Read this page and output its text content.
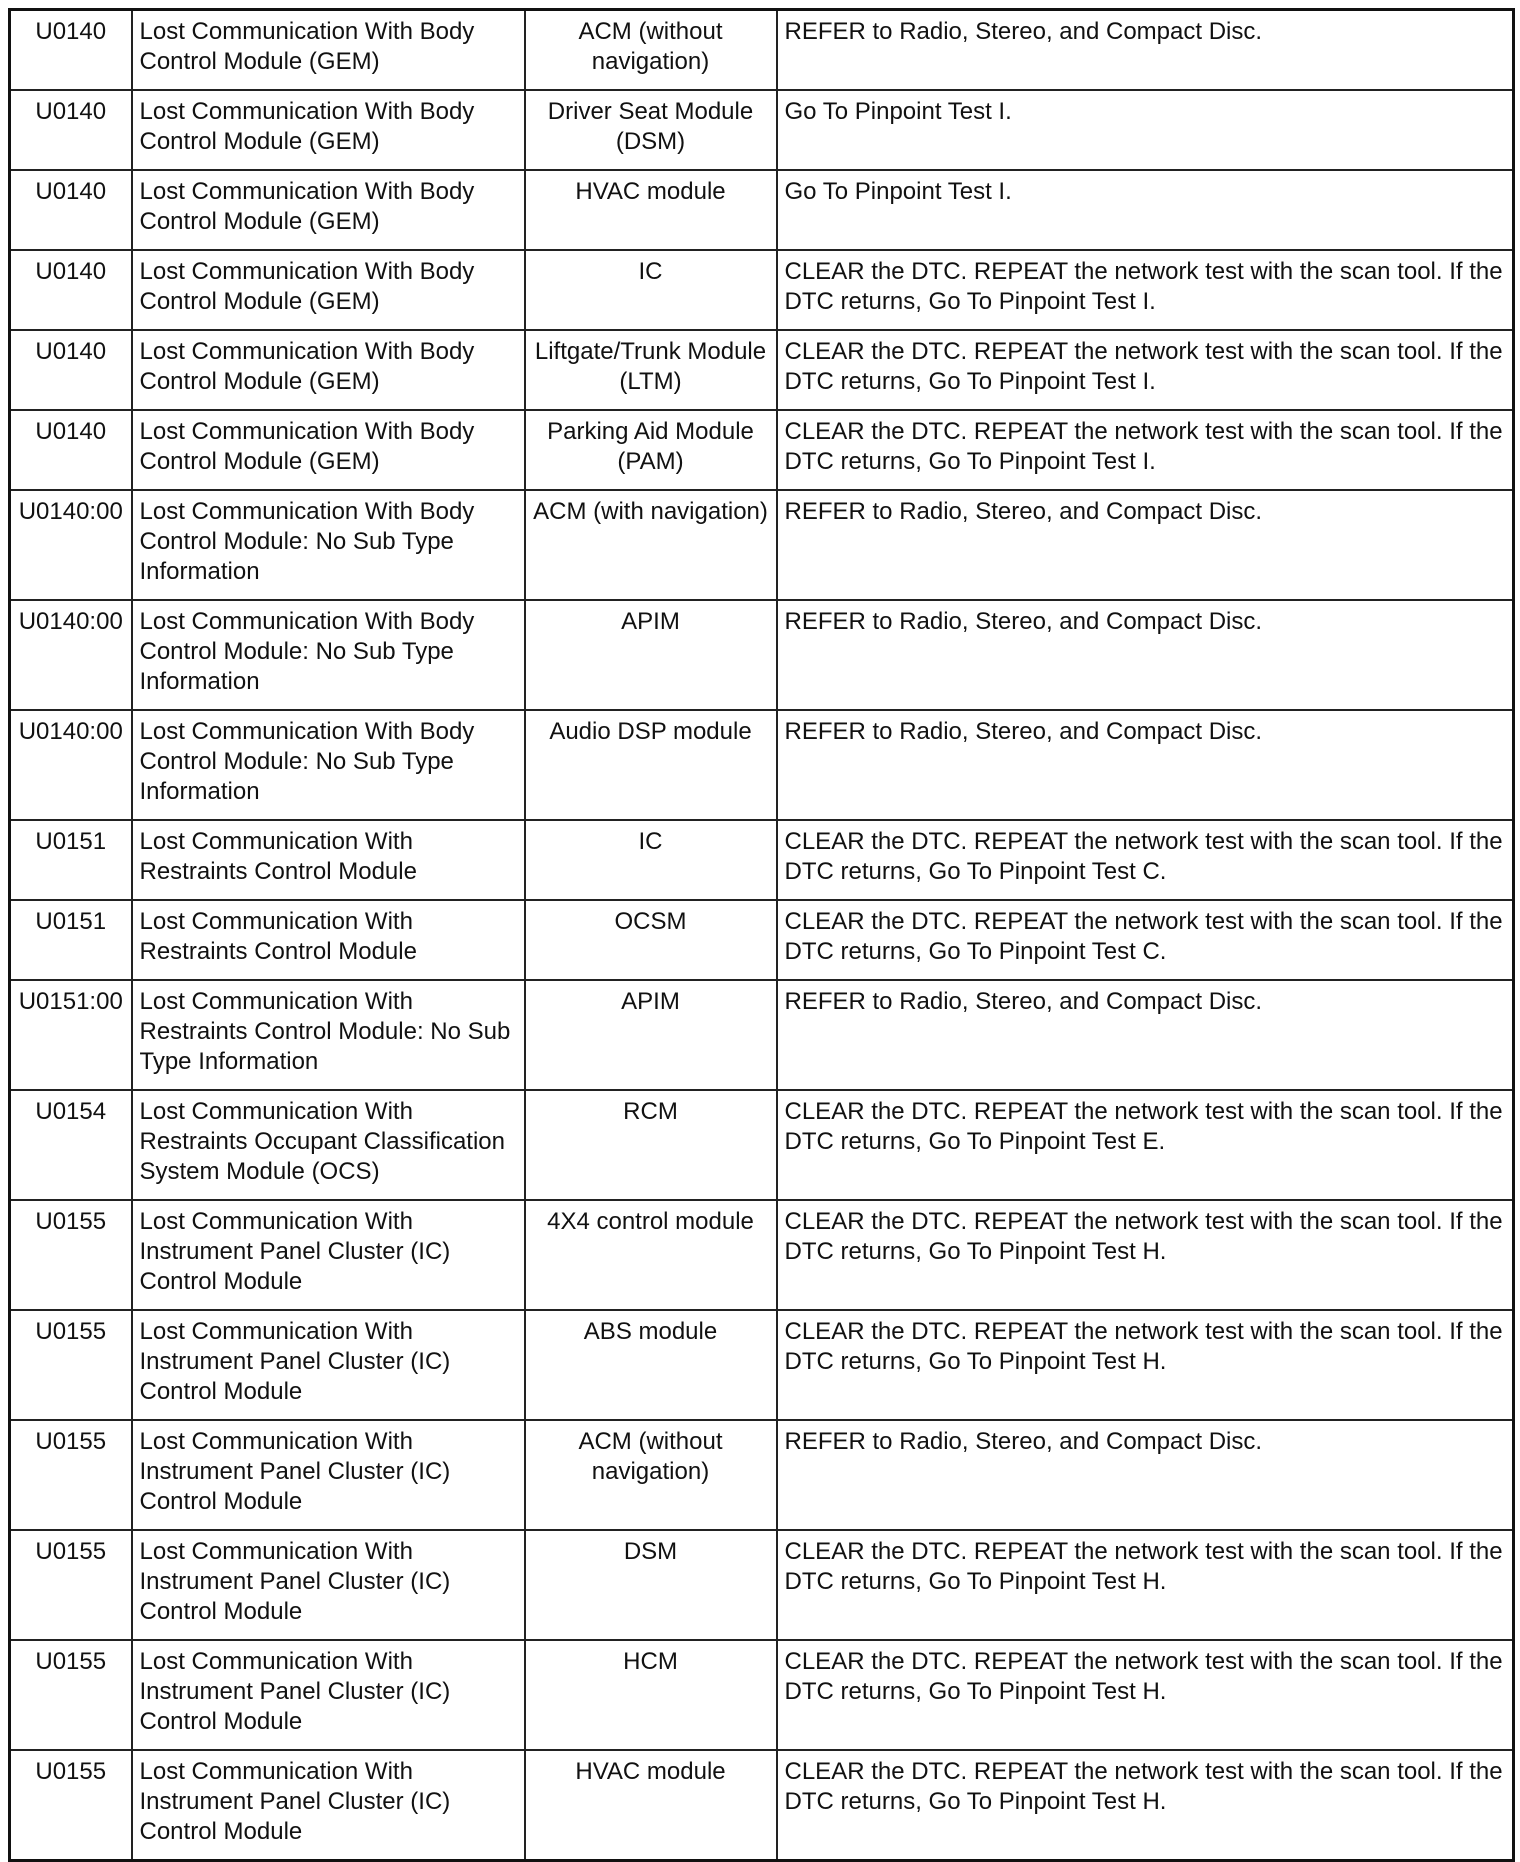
U0140	Lost Communication With Body Control Module (GEM)	ACM (without navigation)	REFER to Radio, Stereo, and Compact Disc.
U0140	Lost Communication With Body Control Module (GEM)	Driver Seat Module (DSM)	Go To Pinpoint Test I.
U0140	Lost Communication With Body Control Module (GEM)	HVAC module	Go To Pinpoint Test I.
U0140	Lost Communication With Body Control Module (GEM)	IC	CLEAR the DTC. REPEAT the network test with the scan tool. If the DTC returns, Go To Pinpoint Test I.
U0140	Lost Communication With Body Control Module (GEM)	Liftgate/Trunk Module (LTM)	CLEAR the DTC. REPEAT the network test with the scan tool. If the DTC returns, Go To Pinpoint Test I.
U0140	Lost Communication With Body Control Module (GEM)	Parking Aid Module (PAM)	CLEAR the DTC. REPEAT the network test with the scan tool. If the DTC returns, Go To Pinpoint Test I.
U0140:00	Lost Communication With Body Control Module: No Sub Type Information	ACM (with navigation)	REFER to Radio, Stereo, and Compact Disc.
U0140:00	Lost Communication With Body Control Module: No Sub Type Information	APIM	REFER to Radio, Stereo, and Compact Disc.
U0140:00	Lost Communication With Body Control Module: No Sub Type Information	Audio DSP module	REFER to Radio, Stereo, and Compact Disc.
U0151	Lost Communication With Restraints Control Module	IC	CLEAR the DTC. REPEAT the network test with the scan tool. If the DTC returns, Go To Pinpoint Test C.
U0151	Lost Communication With Restraints Control Module	OCSM	CLEAR the DTC. REPEAT the network test with the scan tool. If the DTC returns, Go To Pinpoint Test C.
U0151:00	Lost Communication With Restraints Control Module: No Sub Type Information	APIM	REFER to Radio, Stereo, and Compact Disc.
U0154	Lost Communication With Restraints Occupant Classification System Module (OCS)	RCM	CLEAR the DTC. REPEAT the network test with the scan tool. If the DTC returns, Go To Pinpoint Test E.
U0155	Lost Communication With Instrument Panel Cluster (IC) Control Module	4X4 control module	CLEAR the DTC. REPEAT the network test with the scan tool. If the DTC returns, Go To Pinpoint Test H.
U0155	Lost Communication With Instrument Panel Cluster (IC) Control Module	ABS module	CLEAR the DTC. REPEAT the network test with the scan tool. If the DTC returns, Go To Pinpoint Test H.
U0155	Lost Communication With Instrument Panel Cluster (IC) Control Module	ACM (without navigation)	REFER to Radio, Stereo, and Compact Disc.
U0155	Lost Communication With Instrument Panel Cluster (IC) Control Module	DSM	CLEAR the DTC. REPEAT the network test with the scan tool. If the DTC returns, Go To Pinpoint Test H.
U0155	Lost Communication With Instrument Panel Cluster (IC) Control Module	HCM	CLEAR the DTC. REPEAT the network test with the scan tool. If the DTC returns, Go To Pinpoint Test H.
U0155	Lost Communication With Instrument Panel Cluster (IC) Control Module	HVAC module	CLEAR the DTC. REPEAT the network test with the scan tool. If the DTC returns, Go To Pinpoint Test H.
